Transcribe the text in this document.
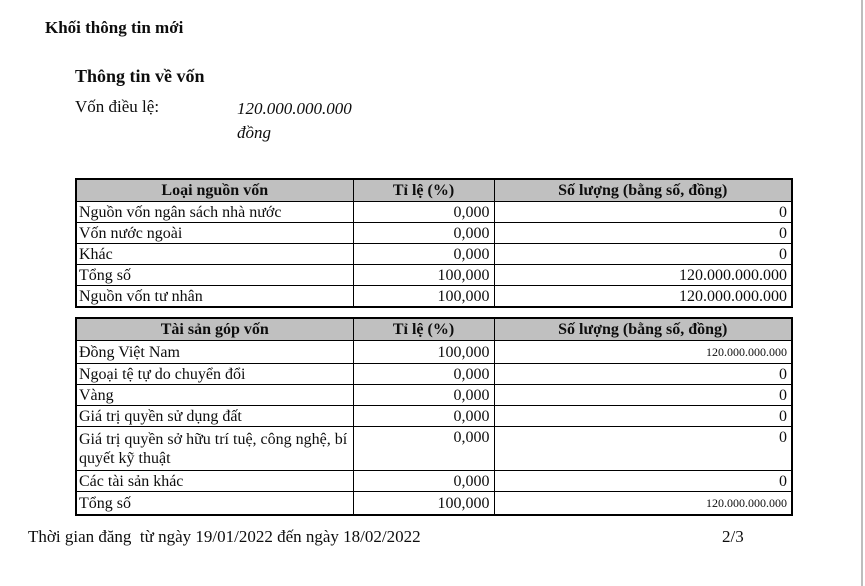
Khối thông tin mới
Thông tin về vốn
Vốn điều lệ:	120.000.000.000
đồng
Loại nguồn vốn	Tỉ lệ (%)	Số lượng (bằng số, đồng)
Nguồn vốn ngân sách nhà nước	0,000	0
Vốn nước ngoài	0,000	0
Khác	0,000	0
Tổng số	100,000	120.000.000.000
Nguồn vốn tư nhân	100,000	120.000.000.000
Tài sản góp vốn	Tỉ lệ (%)	Số lượng (bằng số, đồng)
Đồng Việt Nam	100,000	120.000.000.000
Ngoại tệ tự do chuyển đổi	0,000	0
Vàng	0,000	0
Giá trị quyền sử dụng đất	0,000	0
Giá trị quyền sở hữu trí tuệ, công nghệ, bí quyết kỹ thuật	0,000	0
Các tài sản khác	0,000	0
Tổng số	100,000	120.000.000.000
Thời gian đăng  từ ngày 19/01/2022 đến ngày 18/02/2022	2/3
